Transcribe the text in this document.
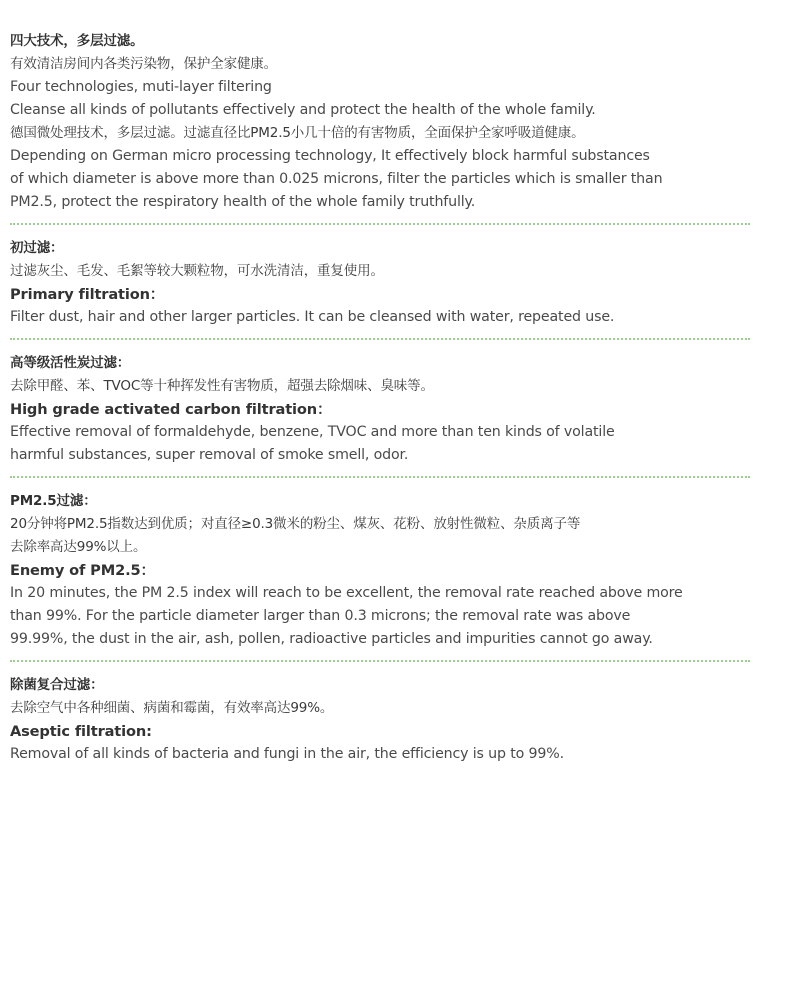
四大技术，多层过滤。

有效清洁房间内各类污染物，保护全家健康。

Four technologies, muti-layer filtering

Cleanse all kinds of pollutants effectively and protect the health of the whole family.

德国微处理技术，多层过滤。过滤直径比PM2.5小几十倍的有害物质，全面保护全家呼吸道健康。

Depending on German micro processing technology, It effectively block harmful substances

of which diameter is above more than 0.025 microns, filter the particles which is smaller than

PM2.5, protect the respiratory health of the whole family truthfully.

初过滤：

过滤灰尘、毛发、毛絮等较大颗粒物，可水洗清洁，重复使用。

Primary filtration：

Filter dust, hair and other larger particles. It can be cleansed with water, repeated use.

高等级活性炭过滤：

去除甲醛、苯、TVOC等十种挥发性有害物质，超强去除烟味、臭味等。

High grade activated carbon filtration：

Effective removal of formaldehyde, benzene, TVOC and more than ten kinds of volatile

harmful substances, super removal of smoke smell, odor.

PM2.5过滤：

20分钟将PM2.5指数达到优质；对直径≥0.3微米的粉尘、煤灰、花粉、放射性微粒、杂质离子等

去除率高达99%以上。

Enemy of PM2.5：

In 20 minutes, the PM 2.5 index will reach to be excellent, the removal rate reached above more

than 99%. For the particle diameter larger than 0.3 microns; the removal rate was above

99.99%, the dust in the air, ash, pollen, radioactive particles and impurities cannot go away.

除菌复合过滤：

去除空气中各种细菌、病菌和霉菌，有效率高达99%。

Aseptic filtration:

Removal of all kinds of bacteria and fungi in the air, the efficiency is up to 99%.
